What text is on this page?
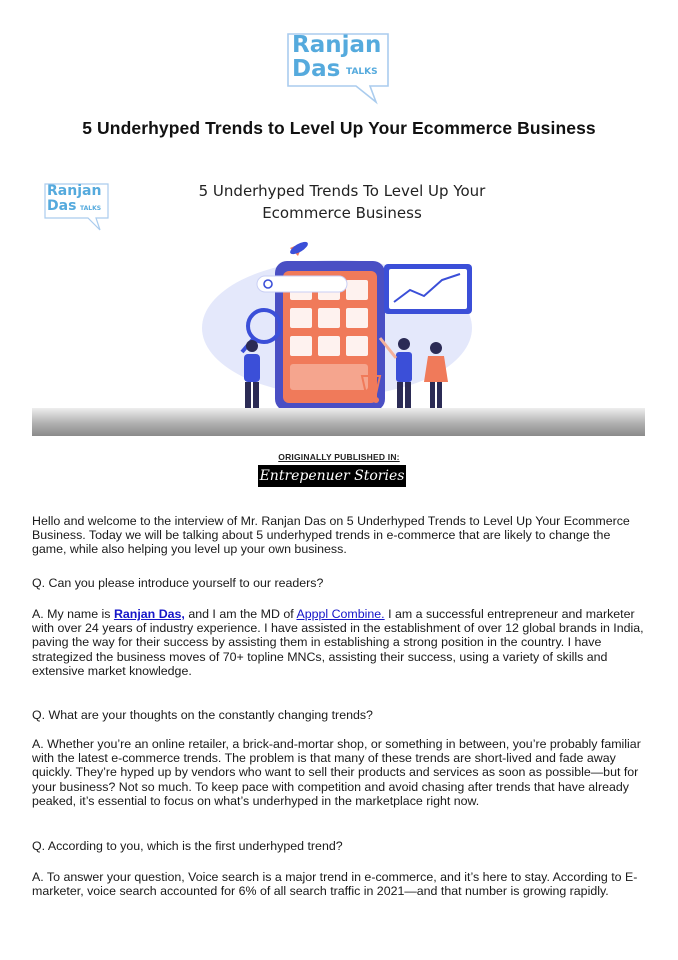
Ranjan
Das TALKS
5 Underhyped Trends to Level Up Your Ecommerce Business
Ranjan
Das TALKS
5 Underhyped Trends To Level Up Your
Ecommerce Business
ORIGINALLY PUBLISHED IN:
Entrepenuer Stories
Hello and welcome to the interview of Mr. Ranjan Das on 5 Underhyped Trends to Level Up Your Ecommerce Business. Today we will be talking about 5 underhyped trends in e-commerce that are likely to change the game, while also helping you level up your own business.
Q. Can you please introduce yourself to our readers?
A. My name is Ranjan Das, and I am the MD of Apppl Combine. I am a successful entrepreneur and marketer with over 24 years of industry experience. I have assisted in the establishment of over 12 global brands in India, paving the way for their success by assisting them in establishing a strong position in the country. I have strategized the business moves of 70+ topline MNCs, assisting their success, using a variety of skills and extensive market knowledge.
Q. What are your thoughts on the constantly changing trends?
A. Whether you’re an online retailer, a brick-and-mortar shop, or something in between, you’re probably familiar with the latest e-commerce trends. The problem is that many of these trends are short-lived and fade away quickly. They’re hyped up by vendors who want to sell their products and services as soon as possible—but for your business? Not so much. To keep pace with competition and avoid chasing after trends that have already peaked, it’s essential to focus on what’s underhyped in the marketplace right now.
Q. According to you, which is the first underhyped trend?
A. To answer your question, Voice search is a major trend in e-commerce, and it’s here to stay. According to E-marketer, voice search accounted for 6% of all search traffic in 2021—and that number is growing rapidly.
